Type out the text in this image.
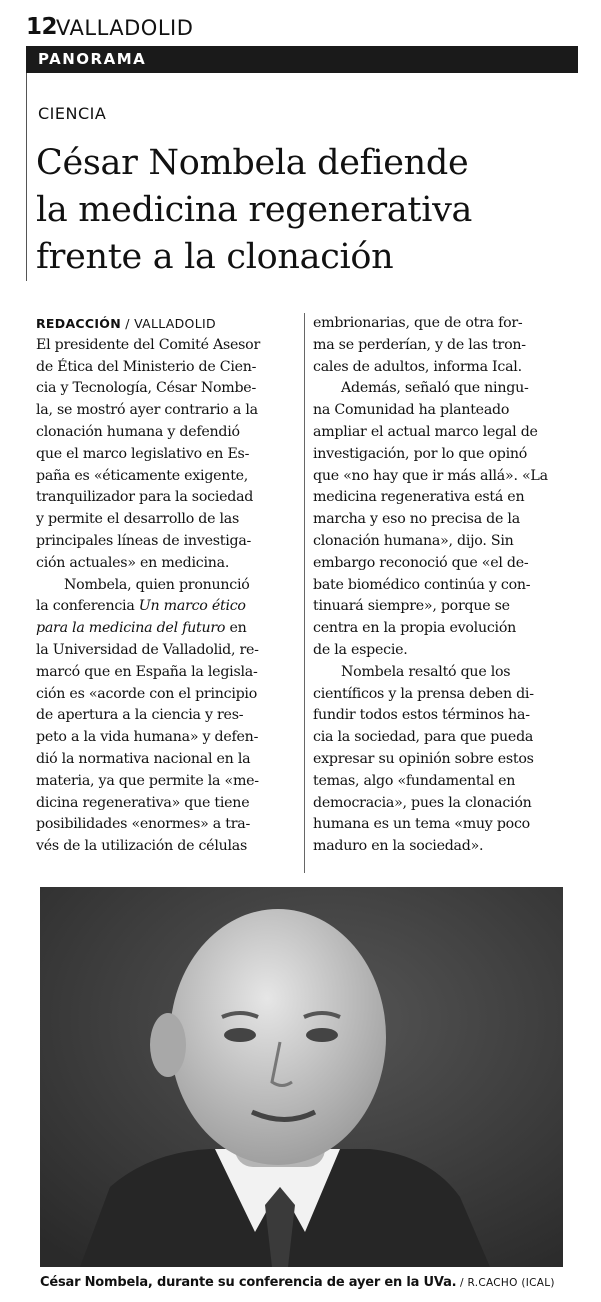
12
VALLADOLID
PANORAMA
CIENCIA
César Nombela defiende
la medicina regenerativa
frente a la clonación
REDACCIÓN / VALLADOLID
El presidente del Comité Asesor
de Ética del Ministerio de Cien-
cia y Tecnología, César Nombe-
la, se mostró ayer contrario a la
clonación humana y defendió
que el marco legislativo en Es-
paña es «éticamente exigente,
tranquilizador para la sociedad
y permite el desarrollo de las
principales líneas de investiga-
ción actuales» en medicina.
Nombela, quien pronunció
la conferencia Un marco ético
para la medicina del futuro en
la Universidad de Valladolid, re-
marcó que en España la legisla-
ción es «acorde con el principio
de apertura a la ciencia y res-
peto a la vida humana» y defen-
dió la normativa nacional en la
materia, ya que permite la «me-
dicina regenerativa» que tiene
posibilidades «enormes» a tra-
vés de la utilización de células
embrionarias, que de otra for-
ma se perderían, y de las tron-
cales de adultos, informa Ical.
Además, señaló que ningu-
na Comunidad ha planteado
ampliar el actual marco legal de
investigación, por lo que opinó
que «no hay que ir más allá». «La
medicina regenerativa está en
marcha y eso no precisa de la
clonación humana», dijo. Sin
embargo reconoció que «el de-
bate biomédico continúa y con-
tinuará siempre», porque se
centra en la propia evolución
de la especie.
Nombela resaltó que los
científicos y la prensa deben di-
fundir todos estos términos ha-
cia la sociedad, para que pueda
expresar su opinión sobre estos
temas, algo «fundamental en
democracia», pues la clonación
humana es un tema «muy poco
maduro en la sociedad».
César Nombela, durante su conferencia de ayer en la UVa. / R.CACHO (ICAL)
